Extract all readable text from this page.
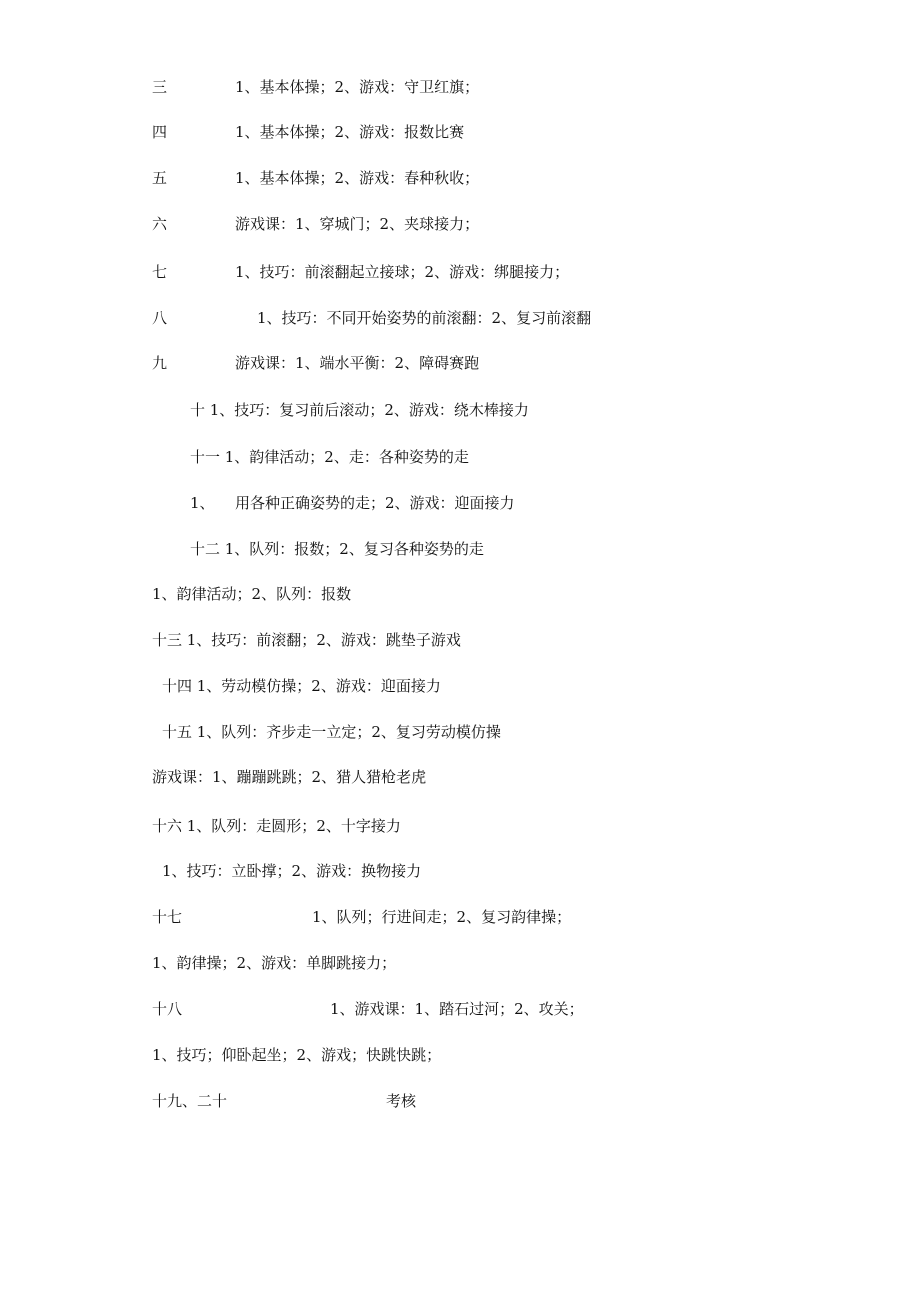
三	1、基本体操；2、游戏：守卫红旗；
四	1、基本体操；2、游戏：报数比赛
五	1、基本体操；2、游戏：春种秋收；
六	游戏课：1、穿城门；2、夹球接力；
七	1、技巧：前滚翻起立接球；2、游戏：绑腿接力；
八	1、技巧：不同开始姿势的前滚翻：2、复习前滚翻
九	游戏课：1、端水平衡：2、障碍赛跑
十 1、技巧：复习前后滚动；2、游戏：绕木棒接力
十一 1、韵律活动；2、走：各种姿势的走
1、 用各种正确姿势的走；2、游戏：迎面接力
十二 1、队列：报数；2、复习各种姿势的走
1、韵律活动；2、队列：报数
十三 1、技巧：前滚翻；2、游戏：跳垫子游戏
十四 1、劳动模仿操；2、游戏：迎面接力
十五 1、队列：齐步走一立定；2、复习劳动模仿操
游戏课：1、蹦蹦跳跳；2、猎人猎枪老虎
十六 1、队列：走圆形；2、十字接力
1、技巧：立卧撑；2、游戏：换物接力
十七	1、队列；行进间走；2、复习韵律操；
1、韵律操；2、游戏：单脚跳接力；
十八	1、游戏课：1、踏石过河；2、攻关；
1、技巧；仰卧起坐；2、游戏；快跳快跳；
十九、二十	考核
